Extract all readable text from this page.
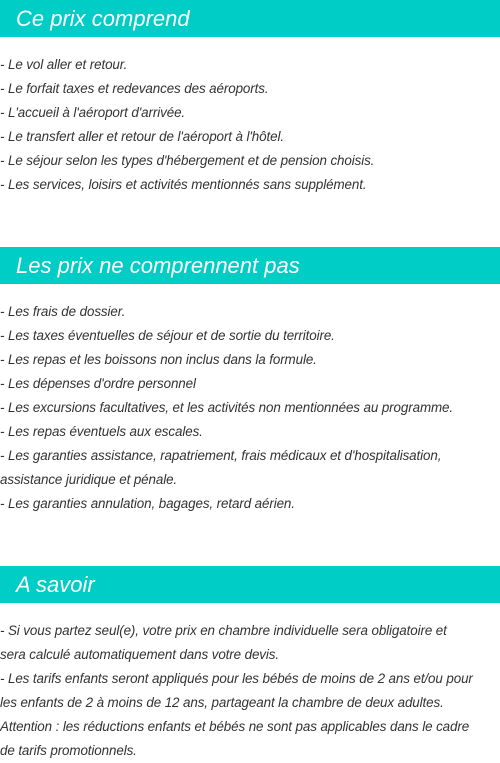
Ce prix comprend
- Le vol aller et retour.
- Le forfait taxes et redevances des aéroports.
- L'accueil à l'aéroport d'arrivée.
- Le transfert aller et retour de l'aéroport à l'hôtel.
- Le séjour selon les types d'hébergement et de pension choisis.
- Les services, loisirs et activités mentionnés sans supplément.
Les prix ne comprennent pas
- Les frais de dossier.
- Les taxes éventuelles de séjour et de sortie du territoire.
- Les repas et les boissons non inclus dans la formule.
- Les dépenses d'ordre personnel
- Les excursions facultatives, et les activités non mentionnées au programme.
- Les repas éventuels aux escales.
- Les garanties assistance, rapatriement, frais médicaux et d'hospitalisation,
assistance juridique et pénale.
- Les garanties annulation, bagages, retard aérien.
A savoir
- Si vous partez seul(e), votre prix en chambre individuelle sera obligatoire et
sera calculé automatiquement dans votre devis.
- Les tarifs enfants seront appliqués pour les bébés de moins de 2 ans et/ou pour
les enfants de 2 à moins de 12 ans, partageant la chambre de deux adultes.
Attention : les réductions enfants et bébés ne sont pas applicables dans le cadre
de tarifs promotionnels.
